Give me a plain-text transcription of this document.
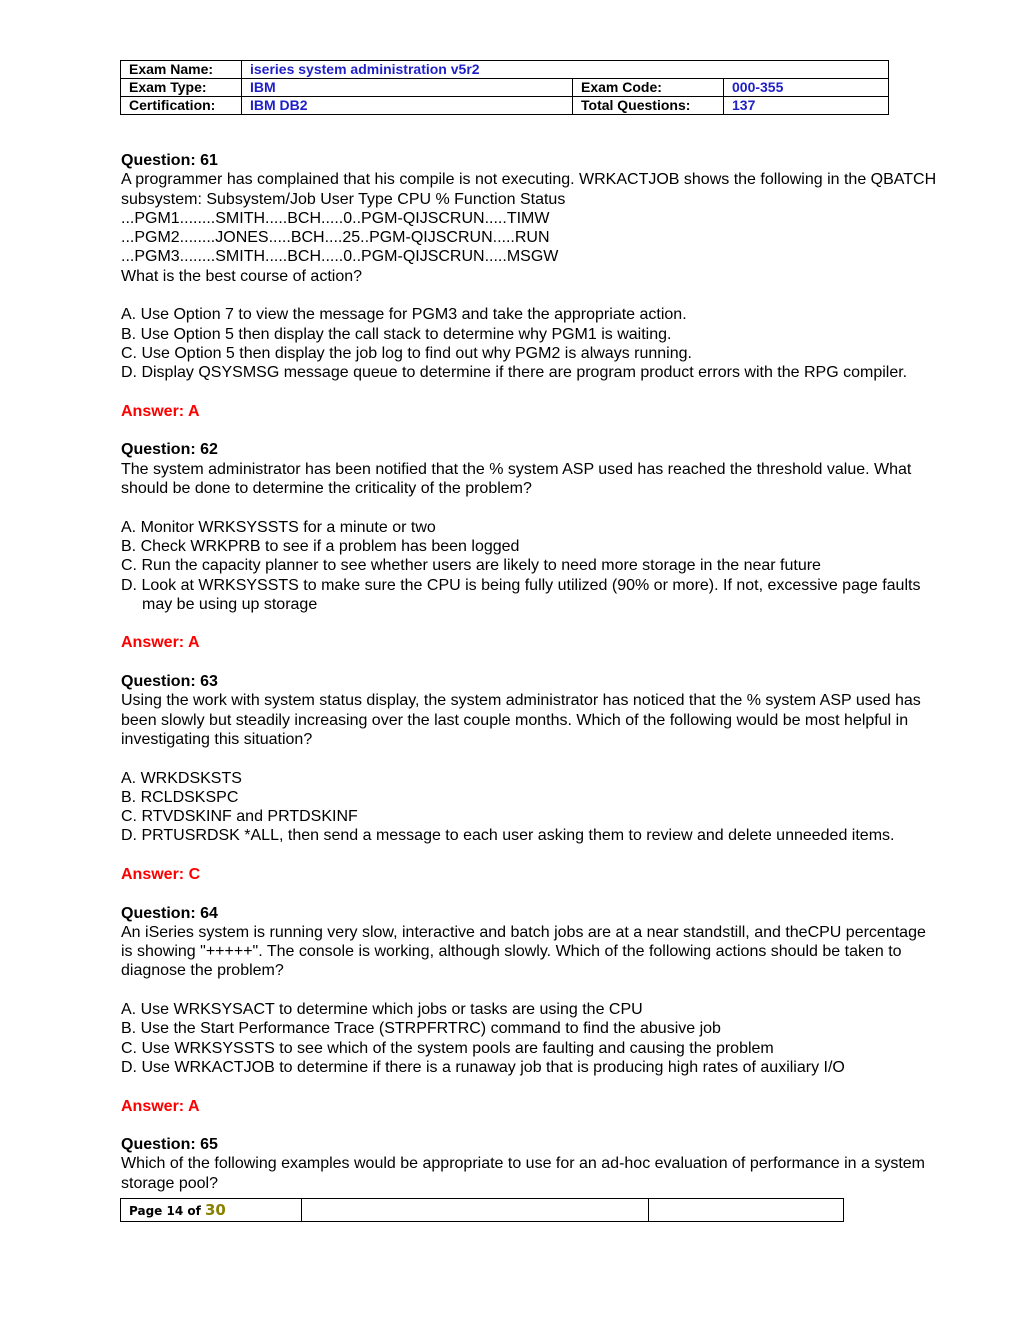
Exam Name:	iseries system administration v5r2		
Exam Type:	IBM	Exam Code:	000-355
Certification:	IBM DB2	Total Questions:	137
Question: 61
A programmer has complained that his compile is not executing. WRKACTJOB shows the following in the QBATCH
subsystem: Subsystem/Job User Type CPU % Function Status
...PGM1........SMITH.....BCH.....0..PGM-QIJSCRUN.....TIMW
...PGM2........JONES.....BCH....25..PGM-QIJSCRUN.....RUN
...PGM3........SMITH.....BCH.....0..PGM-QIJSCRUN.....MSGW
What is the best course of action?
A. Use Option 7 to view the message for PGM3 and take the appropriate action.
B. Use Option 5 then display the call stack to determine why PGM1 is waiting.
C. Use Option 5 then display the job log to find out why PGM2 is always running.
D. Display QSYSMSG message queue to determine if there are program product errors with the RPG compiler.
Answer: A
Question: 62
The system administrator has been notified that the % system ASP used has reached the threshold value. What
should be done to determine the criticality of the problem?
A. Monitor WRKSYSSTS for a minute or two
B. Check WRKPRB to see if a problem has been logged
C. Run the capacity planner to see whether users are likely to need more storage in the near future
D. Look at WRKSYSSTS to make sure the CPU is being fully utilized (90% or more). If not, excessive page faults
may be using up storage
Answer: A
Question: 63
Using the work with system status display, the system administrator has noticed that the % system ASP used has
been slowly but steadily increasing over the last couple months. Which of the following would be most helpful in
investigating this situation?
A. WRKDSKSTS
B. RCLDSKSPC
C. RTVDSKINF and PRTDSKINF
D. PRTUSRDSK *ALL, then send a message to each user asking them to review and delete unneeded items.
Answer: C
Question: 64
An iSeries system is running very slow, interactive and batch jobs are at a near standstill, and theCPU percentage
is showing "+++++". The console is working, although slowly. Which of the following actions should be taken to
diagnose the problem?
A. Use WRKSYSACT to determine which jobs or tasks are using the CPU
B. Use the Start Performance Trace (STRPFRTRC) command to find the abusive job
C. Use WRKSYSSTS to see which of the system pools are faulting and causing the problem
D. Use WRKACTJOB to determine if there is a runaway job that is producing high rates of auxiliary I/O
Answer: A
Question: 65
Which of the following examples would be appropriate to use for an ad-hoc evaluation of performance in a system
storage pool?
Page 14 of 30		
